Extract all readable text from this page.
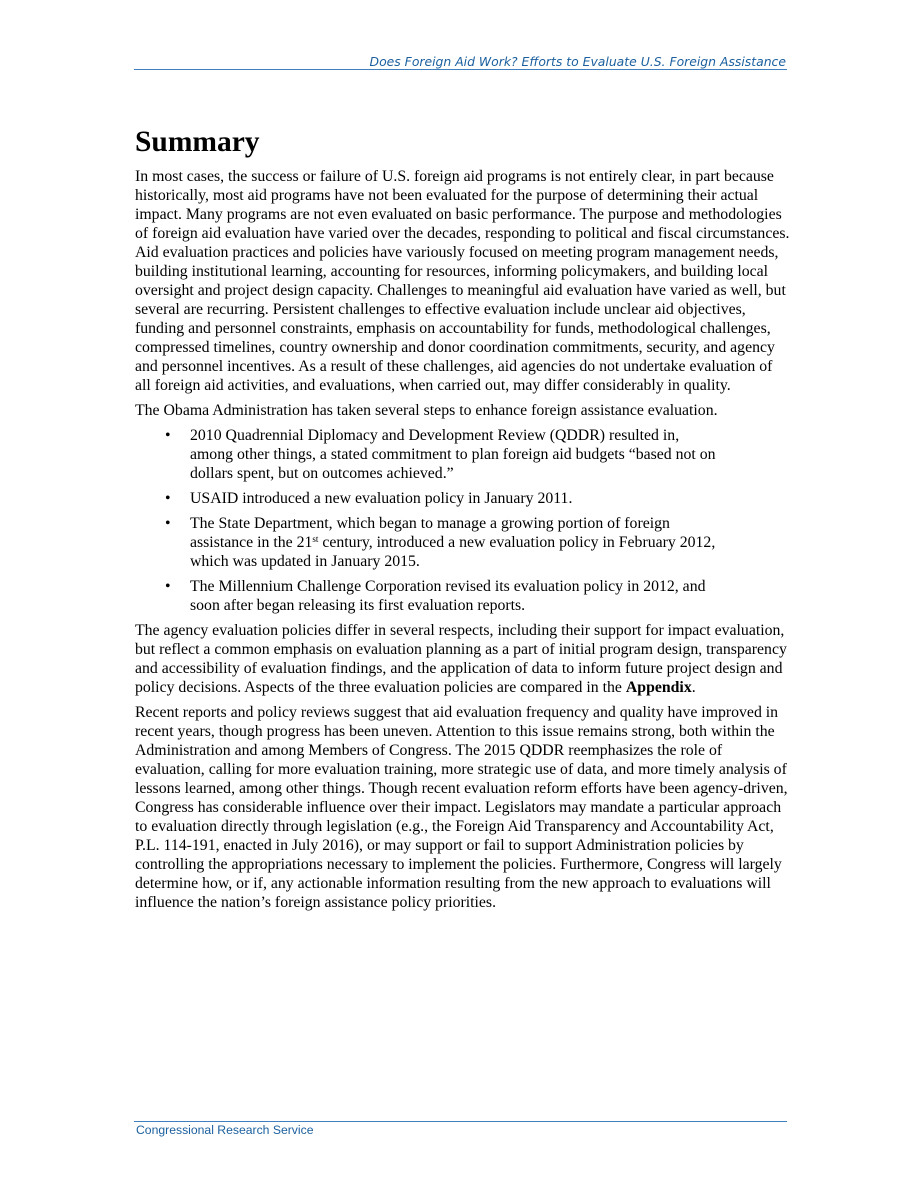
Does Foreign Aid Work? Efforts to Evaluate U.S. Foreign Assistance
Summary

In most cases, the success or failure of U.S. foreign aid programs is not entirely clear, in part because historically, most aid programs have not been evaluated for the purpose of determining their actual impact. Many programs are not even evaluated on basic performance. The purpose and methodologies of foreign aid evaluation have varied over the decades, responding to political and fiscal circumstances. Aid evaluation practices and policies have variously focused on meeting program management needs, building institutional learning, accounting for resources, informing policymakers, and building local oversight and project design capacity. Challenges to meaningful aid evaluation have varied as well, but several are recurring. Persistent challenges to effective evaluation include unclear aid objectives, funding and personnel constraints, emphasis on accountability for funds, methodological challenges, compressed timelines, country ownership and donor coordination commitments, security, and agency and personnel incentives. As a result of these challenges, aid agencies do not undertake evaluation of all foreign aid activities, and evaluations, when carried out, may differ considerably in quality.

The Obama Administration has taken several steps to enhance foreign assistance evaluation.

• 2010 Quadrennial Diplomacy and Development Review (QDDR) resulted in, among other things, a stated commitment to plan foreign aid budgets “based not on dollars spent, but on outcomes achieved.”
• USAID introduced a new evaluation policy in January 2011.
• The State Department, which began to manage a growing portion of foreign assistance in the 21st century, introduced a new evaluation policy in February 2012, which was updated in January 2015.
• The Millennium Challenge Corporation revised its evaluation policy in 2012, and soon after began releasing its first evaluation reports.

The agency evaluation policies differ in several respects, including their support for impact evaluation, but reflect a common emphasis on evaluation planning as a part of initial program design, transparency and accessibility of evaluation findings, and the application of data to inform future project design and policy decisions. Aspects of the three evaluation policies are compared in the Appendix.

Recent reports and policy reviews suggest that aid evaluation frequency and quality have improved in recent years, though progress has been uneven. Attention to this issue remains strong, both within the Administration and among Members of Congress. The 2015 QDDR reemphasizes the role of evaluation, calling for more evaluation training, more strategic use of data, and more timely analysis of lessons learned, among other things. Though recent evaluation reform efforts have been agency-driven, Congress has considerable influence over their impact. Legislators may mandate a particular approach to evaluation directly through legislation (e.g., the Foreign Aid Transparency and Accountability Act, P.L. 114-191, enacted in July 2016), or may support or fail to support Administration policies by controlling the appropriations necessary to implement the policies. Furthermore, Congress will largely determine how, or if, any actionable information resulting from the new approach to evaluations will influence the nation’s foreign assistance policy priorities.

Congressional Research Service
